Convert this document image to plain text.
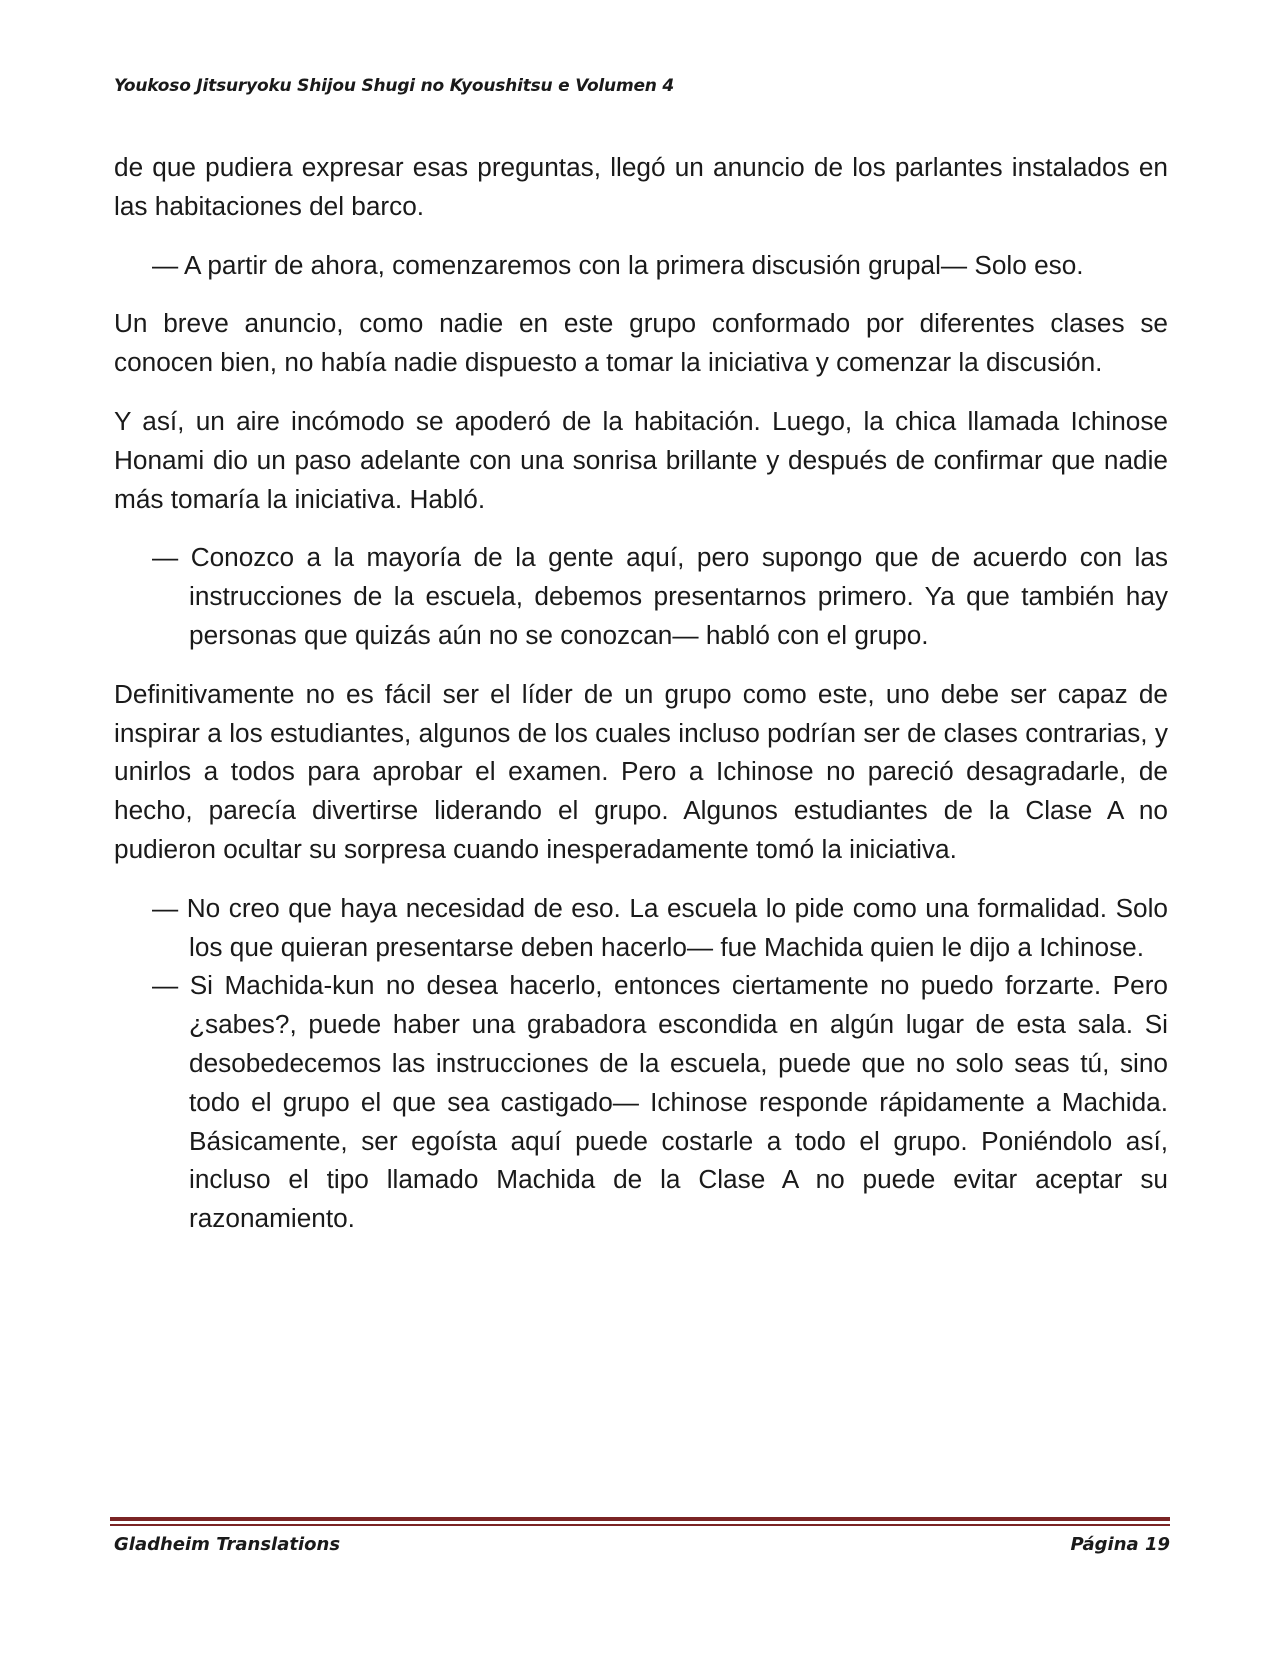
Youkoso Jitsuryoku Shijou Shugi no Kyoushitsu e Volumen 4

de que pudiera expresar esas preguntas, llegó un anuncio de los parlantes instalados en las habitaciones del barco.

— A partir de ahora, comenzaremos con la primera discusión grupal— Solo eso.

Un breve anuncio, como nadie en este grupo conformado por diferentes clases se conocen bien, no había nadie dispuesto a tomar la iniciativa y comenzar la discusión.

Y así, un aire incómodo se apoderó de la habitación. Luego, la chica llamada Ichinose Honami dio un paso adelante con una sonrisa brillante y después de confirmar que nadie más tomaría la iniciativa. Habló.

— Conozco a la mayoría de la gente aquí, pero supongo que de acuerdo con las instrucciones de la escuela, debemos presentarnos primero. Ya que también hay personas que quizás aún no se conozcan— habló con el grupo.

Definitivamente no es fácil ser el líder de un grupo como este, uno debe ser capaz de inspirar a los estudiantes, algunos de los cuales incluso podrían ser de clases contrarias, y unirlos a todos para aprobar el examen. Pero a Ichinose no pareció desagradarle, de hecho, parecía divertirse liderando el grupo. Algunos estudiantes de la Clase A no pudieron ocultar su sorpresa cuando inesperadamente tomó la iniciativa.

— No creo que haya necesidad de eso. La escuela lo pide como una formalidad. Solo los que quieran presentarse deben hacerlo— fue Machida quien le dijo a Ichinose.

— Si Machida-kun no desea hacerlo, entonces ciertamente no puedo forzarte. Pero ¿sabes?, puede haber una grabadora escondida en algún lugar de esta sala. Si desobedecemos las instrucciones de la escuela, puede que no solo seas tú, sino todo el grupo el que sea castigado— Ichinose responde rápidamente a Machida. Básicamente, ser egoísta aquí puede costarle a todo el grupo. Poniéndolo así, incluso el tipo llamado Machida de la Clase A no puede evitar aceptar su razonamiento.

Gladheim Translations	Página 19
